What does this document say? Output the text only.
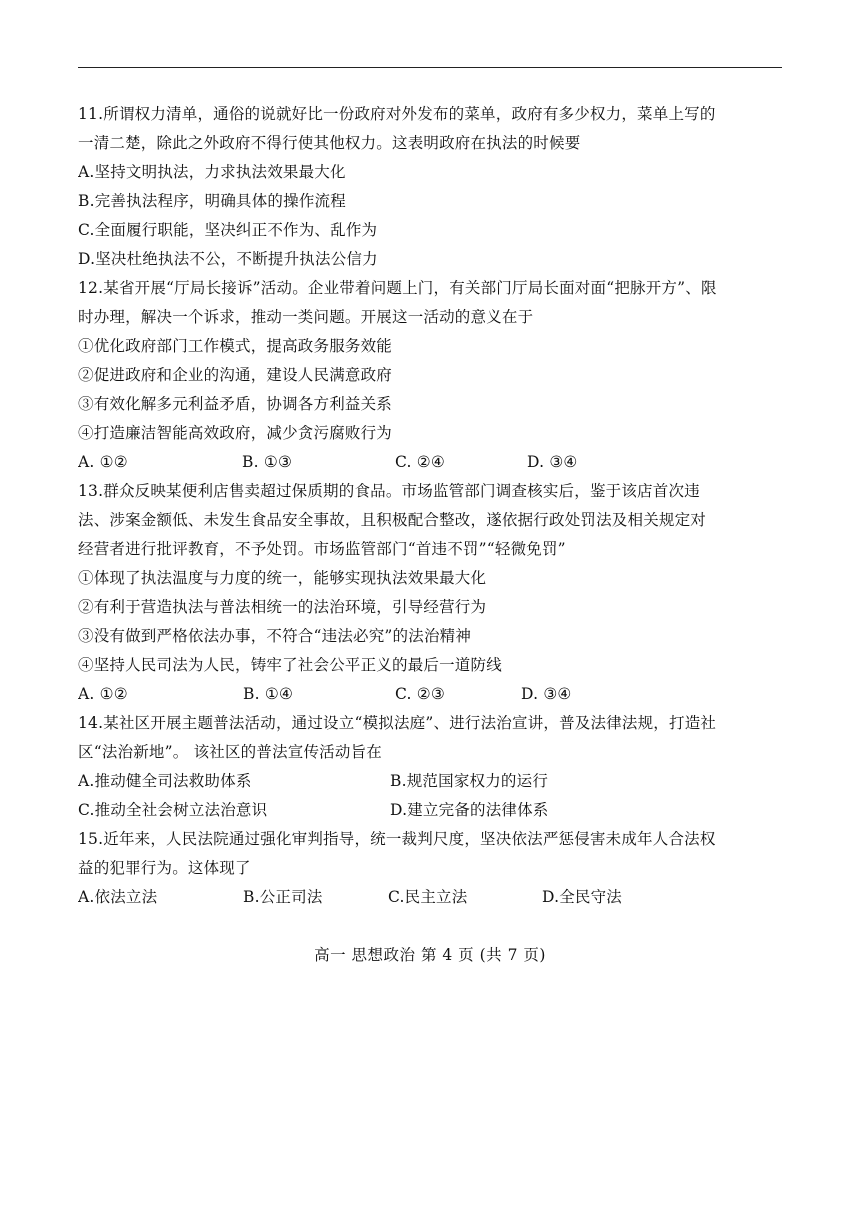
11.所谓权力清单，通俗的说就好比一份政府对外发布的菜单，政府有多少权力，菜单上写的
一清二楚，除此之外政府不得行使其他权力。这表明政府在执法的时候要
A.坚持文明执法，力求执法效果最大化
B.完善执法程序，明确具体的操作流程
C.全面履行职能，坚决纠正不作为、乱作为
D.坚决杜绝执法不公，不断提升执法公信力
12.某省开展“厅局长接诉”活动。企业带着问题上门，有关部门厅局长面对面“把脉开方”、限
时办理，解决一个诉求，推动一类问题。开展这一活动的意义在于
①优化政府部门工作模式，提高政务服务效能
②促进政府和企业的沟通，建设人民满意政府
③有效化解多元利益矛盾，协调各方利益关系
④打造廉洁智能高效政府，减少贪污腐败行为
A. ①②	B. ①③	C. ②④	D. ③④
13.群众反映某便利店售卖超过保质期的食品。市场监管部门调查核实后，鉴于该店首次违
法、涉案金额低、未发生食品安全事故，且积极配合整改，遂依据行政处罚法及相关规定对
经营者进行批评教育，不予处罚。市场监管部门“首违不罚”“轻微免罚”
①体现了执法温度与力度的统一，能够实现执法效果最大化
②有利于营造执法与普法相统一的法治环境，引导经营行为
③没有做到严格依法办事，不符合“违法必究”的法治精神
④坚持人民司法为人民，铸牢了社会公平正义的最后一道防线
A. ①②	B. ①④	C. ②③	D. ③④
14.某社区开展主题普法活动，通过设立“模拟法庭”、进行法治宣讲，普及法律法规，打造社
区“法治新地”。 该社区的普法宣传活动旨在
A.推动健全司法救助体系	B.规范国家权力的运行
C.推动全社会树立法治意识	D.建立完备的法律体系
15.近年来，人民法院通过强化审判指导，统一裁判尺度，坚决依法严惩侵害未成年人合法权
益的犯罪行为。这体现了
A.依法立法	B.公正司法	C.民主立法	D.全民守法
高一 思想政治 第 4 页 (共 7 页)
